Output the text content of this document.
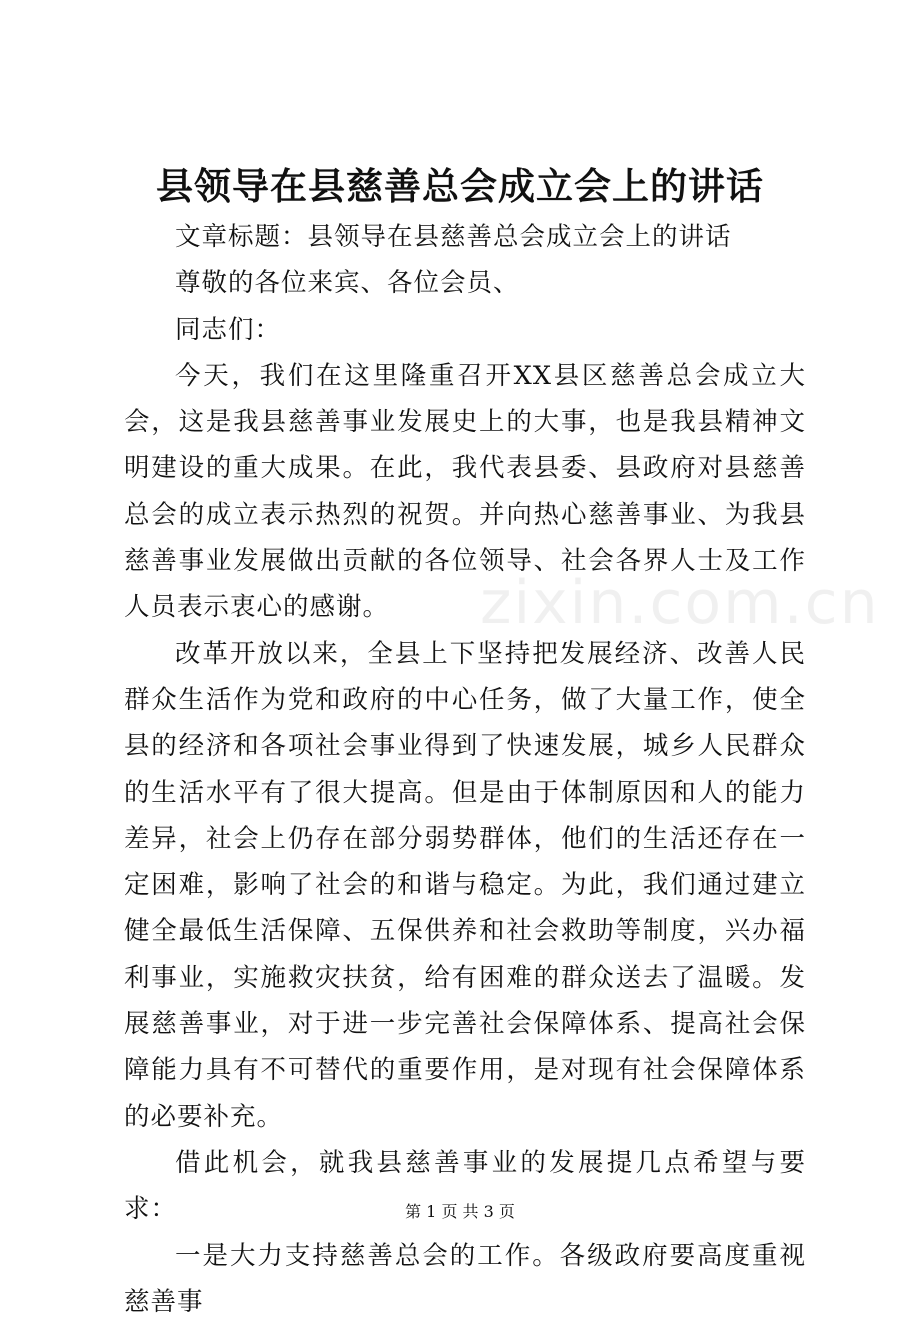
县领导在县慈善总会成立会上的讲话

文章标题：县领导在县慈善总会成立会上的讲话

尊敬的各位来宾、各位会员、

同志们：

今天，我们在这里隆重召开XX县区慈善总会成立大会，这是我县慈善事业发展史上的大事，也是我县精神文明建设的重大成果。在此，我代表县委、县政府对县慈善总会的成立表示热烈的祝贺。并向热心慈善事业、为我县慈善事业发展做出贡献的各位领导、社会各界人士及工作人员表示衷心的感谢。

改革开放以来，全县上下坚持把发展经济、改善人民群众生活作为党和政府的中心任务，做了大量工作，使全县的经济和各项社会事业得到了快速发展，城乡人民群众的生活水平有了很大提高。但是由于体制原因和人的能力差异，社会上仍存在部分弱势群体，他们的生活还存在一定困难，影响了社会的和谐与稳定。为此，我们通过建立健全最低生活保障、五保供养和社会救助等制度，兴办福利事业，实施救灾扶贫，给有困难的群众送去了温暖。发展慈善事业，对于进一步完善社会保障体系、提高社会保障能力具有不可替代的重要作用，是对现有社会保障体系的必要补充。

借此机会，就我县慈善事业的发展提几点希望与要求：

一是大力支持慈善总会的工作。各级政府要高度重视慈善事

zixin.com.cn
第 1 页 共 3 页
